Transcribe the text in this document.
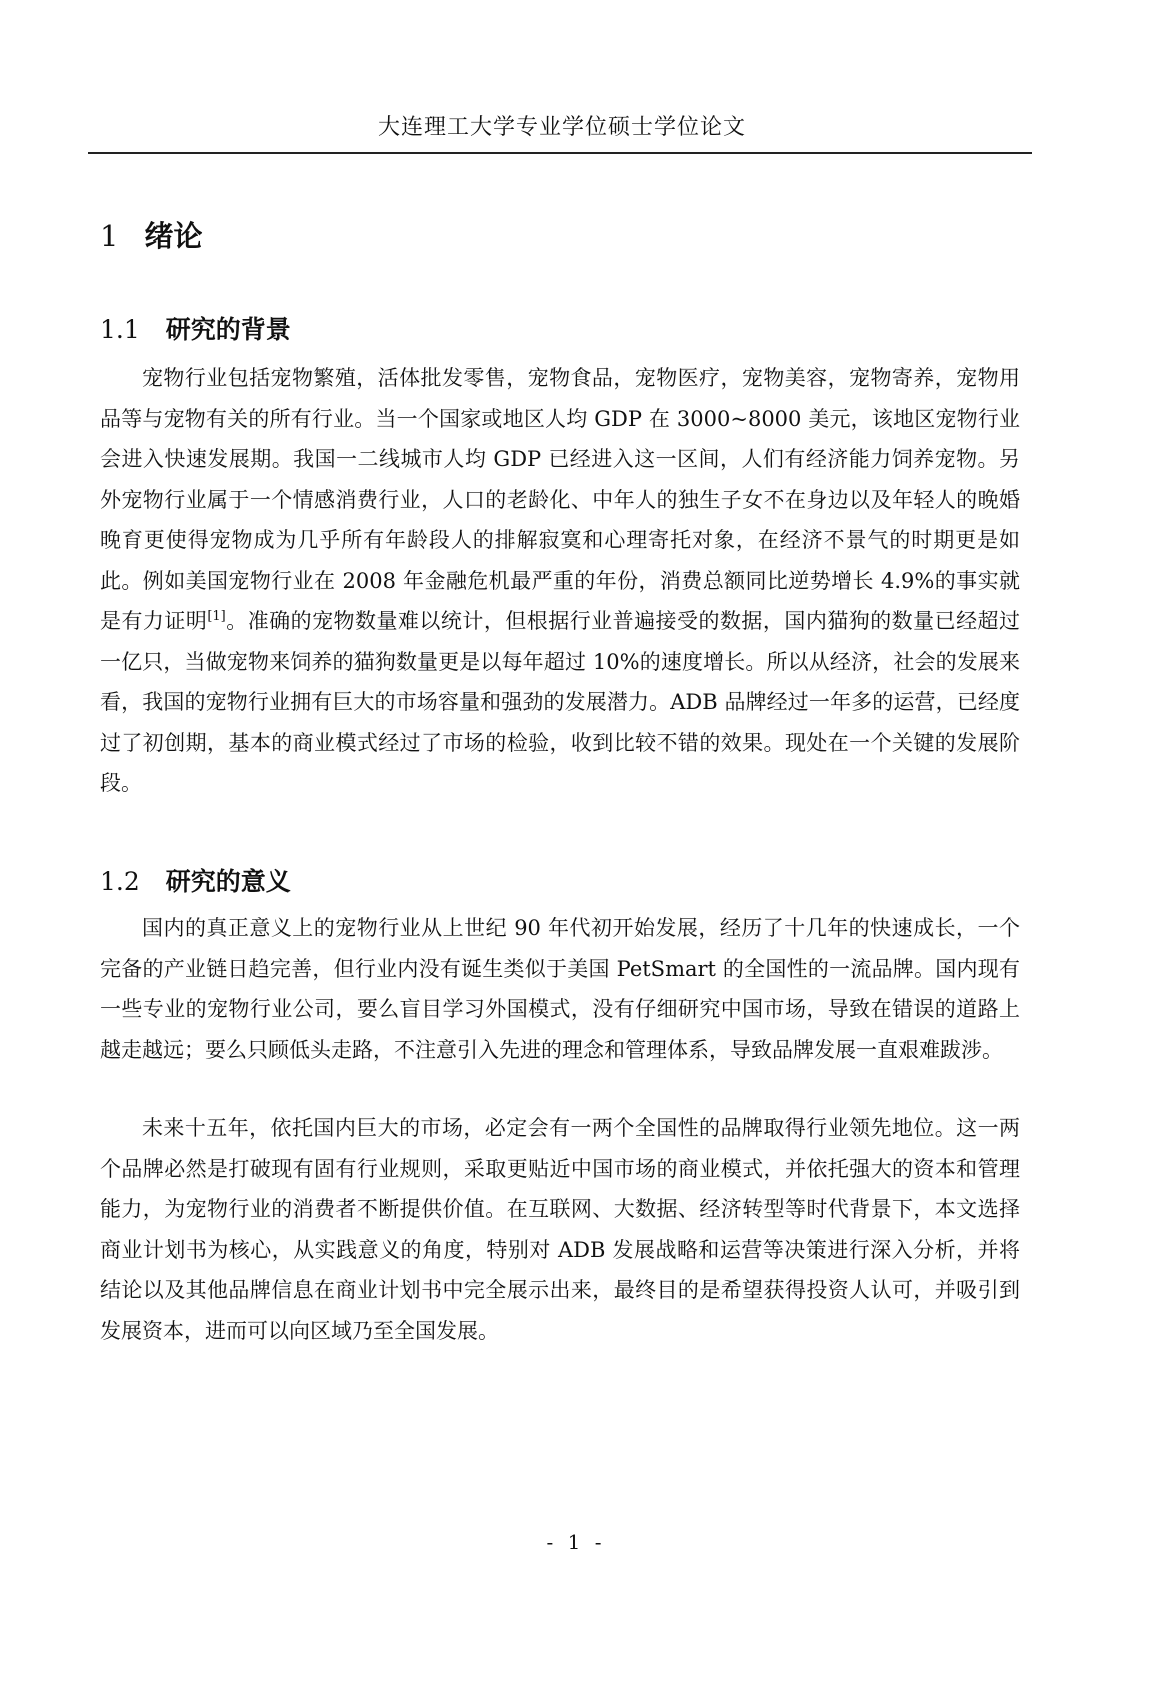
大连理工大学专业学位硕士学位论文
1 绪论
1.1 研究的背景

宠物行业包括宠物繁殖，活体批发零售，宠物食品，宠物医疗，宠物美容，宠物寄养，宠物用品等与宠物有关的所有行业。当一个国家或地区人均 GDP 在 3000~8000 美元，该地区宠物行业会进入快速发展期。我国一二线城市人均 GDP 已经进入这一区间，人们有经济能力饲养宠物。另外宠物行业属于一个情感消费行业，人口的老龄化、中年人的独生子女不在身边以及年轻人的晚婚晚育更使得宠物成为几乎所有年龄段人的排解寂寞和心理寄托对象，在经济不景气的时期更是如此。例如美国宠物行业在 2008 年金融危机最严重的年份，消费总额同比逆势增长 4.9%的事实就是有力证明[1]。准确的宠物数量难以统计，但根据行业普遍接受的数据，国内猫狗的数量已经超过一亿只，当做宠物来饲养的猫狗数量更是以每年超过 10%的速度增长。所以从经济，社会的发展来看，我国的宠物行业拥有巨大的市场容量和强劲的发展潜力。ADB 品牌经过一年多的运营，已经度过了初创期，基本的商业模式经过了市场的检验，收到比较不错的效果。现处在一个关键的发展阶段。

1.2 研究的意义

国内的真正意义上的宠物行业从上世纪 90 年代初开始发展，经历了十几年的快速成长，一个完备的产业链日趋完善，但行业内没有诞生类似于美国 PetSmart 的全国性的一流品牌。国内现有一些专业的宠物行业公司，要么盲目学习外国模式，没有仔细研究中国市场，导致在错误的道路上越走越远；要么只顾低头走路，不注意引入先进的理念和管理体系，导致品牌发展一直艰难跋涉。

未来十五年，依托国内巨大的市场，必定会有一两个全国性的品牌取得行业领先地位。这一两个品牌必然是打破现有固有行业规则，采取更贴近中国市场的商业模式，并依托强大的资本和管理能力，为宠物行业的消费者不断提供价值。在互联网、大数据、经济转型等时代背景下，本文选择商业计划书为核心，从实践意义的角度，特别对 ADB 发展战略和运营等决策进行深入分析，并将结论以及其他品牌信息在商业计划书中完全展示出来，最终目的是希望获得投资人认可，并吸引到发展资本，进而可以向区域乃至全国发展。

- 1 -
